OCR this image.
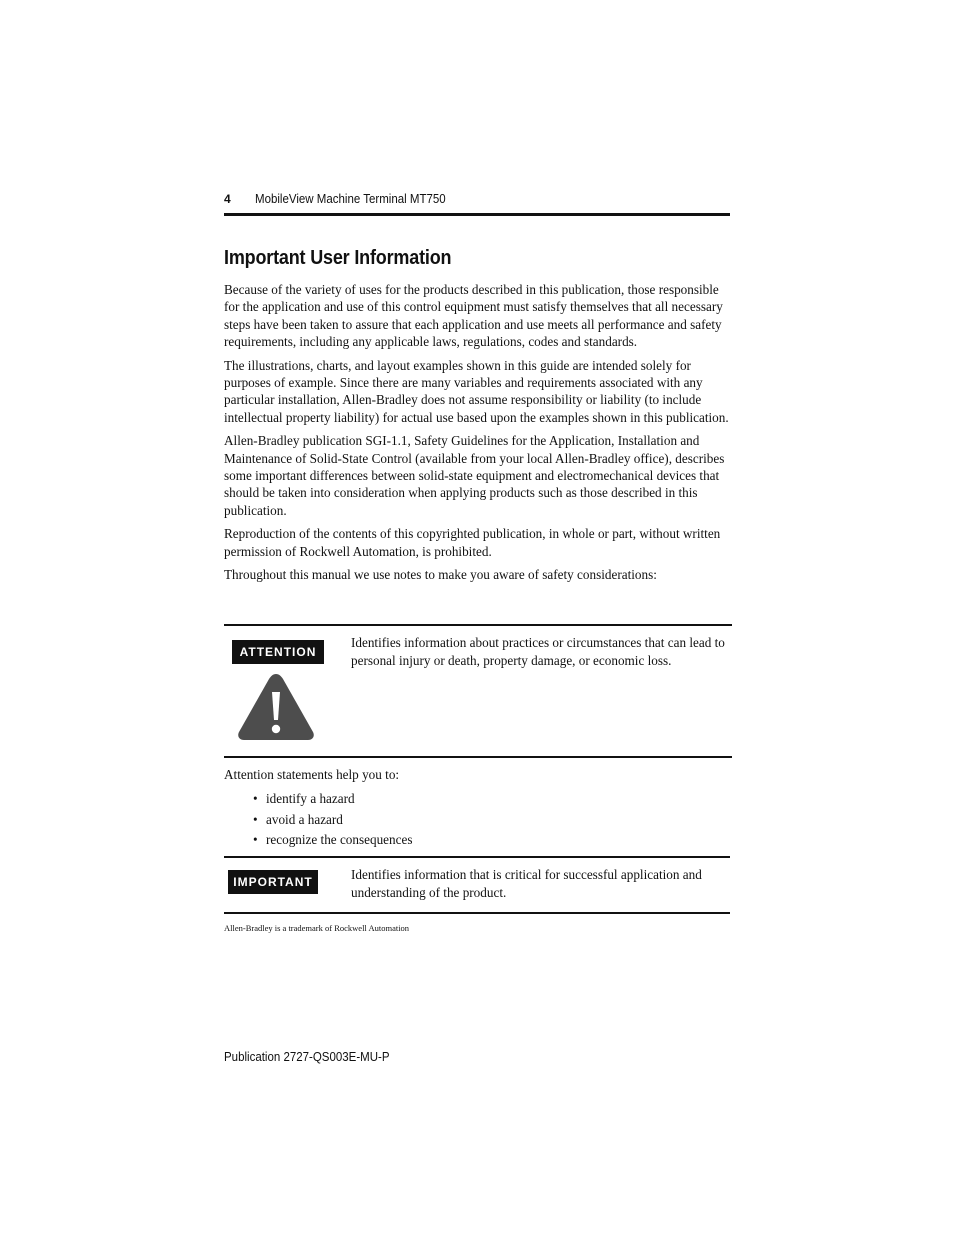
4 MobileView Machine Terminal MT750
Important User Information

Because of the variety of uses for the products described in this publication, those responsible for the application and use of this control equipment must satisfy themselves that all necessary steps have been taken to assure that each application and use meets all performance and safety requirements, including any applicable laws, regulations, codes and standards.

The illustrations, charts, and layout examples shown in this guide are intended solely for purposes of example. Since there are many variables and requirements associated with any particular installation, Allen-Bradley does not assume responsibility or liability (to include intellectual property liability) for actual use based upon the examples shown in this publication.

Allen-Bradley publication SGI-1.1, Safety Guidelines for the Application, Installation and Maintenance of Solid-State Control (available from your local Allen-Bradley office), describes some important differences between solid-state equipment and electromechanical devices that should be taken into consideration when applying products such as those described in this publication.

Reproduction of the contents of this copyrighted publication, in whole or part, without written permission of Rockwell Automation, is prohibited.

Throughout this manual we use notes to make you aware of safety considerations:

ATTENTION
Identifies information about practices or circumstances that can lead to personal injury or death, property damage, or economic loss.

Attention statements help you to:

• identify a hazard
• avoid a hazard
• recognize the consequences
IMPORTANT	Identifies information that is critical for successful application and understanding of the product.
Allen-Bradley is a trademark of Rockwell Automation
Publication 2727-QS003E-MU-P
